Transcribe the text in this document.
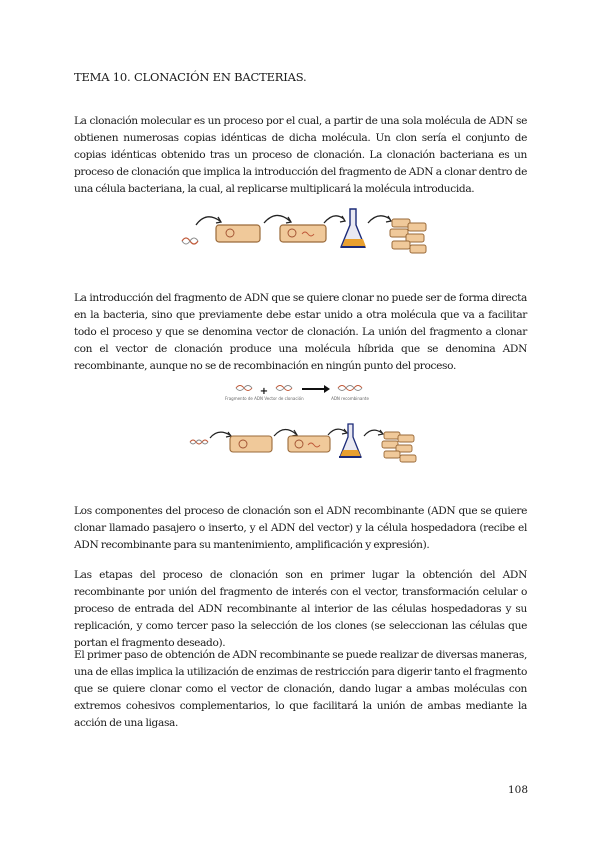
TEMA 10. CLONACIÓN EN BACTERIAS.

La clonación molecular es un proceso por el cual, a partir de una sola molécula de ADN se obtienen numerosas copias idénticas de dicha molécula. Un clon sería el conjunto de copias idénticas obtenido tras un proceso de clonación. La clonación bacteriana es un proceso de clonación que implica la introducción del fragmento de ADN a clonar dentro de una célula bacteriana, la cual, al replicarse multiplicará la molécula introducida.

La introducción del fragmento de ADN que se quiere clonar no puede ser de forma directa en la bacteria, sino que previamente debe estar unido a otra molécula que va a facilitar todo el proceso y que se denomina vector de clonación. La unión del fragmento a clonar con el vector de clonación produce una molécula híbrida que se denomina ADN recombinante, aunque no se de recombinación en ningún punto del proceso.

Fragmento de ADN
+
Vector de clonación	ADN recombinante

Los componentes del proceso de clonación son el ADN recombinante (ADN que se quiere clonar llamado pasajero o inserto, y el ADN del vector) y la célula hospedadora (recibe el ADN recombinante para su mantenimiento, amplificación y expresión).

Las etapas del proceso de clonación son en primer lugar la obtención del ADN recombinante por unión del fragmento de interés con el vector, transformación celular o proceso de entrada del ADN recombinante al interior de las células hospedadoras y su replicación, y como tercer paso la selección de los clones (se seleccionan las células que portan el fragmento deseado).

El primer paso de obtención de ADN recombinante se puede realizar de diversas maneras, una de ellas implica la utilización de enzimas de restricción para digerir tanto el fragmento que se quiere clonar como el vector de clonación, dando lugar a ambas moléculas con extremos cohesivos complementarios, lo que facilitará la unión de ambas mediante la acción de una ligasa.

108
